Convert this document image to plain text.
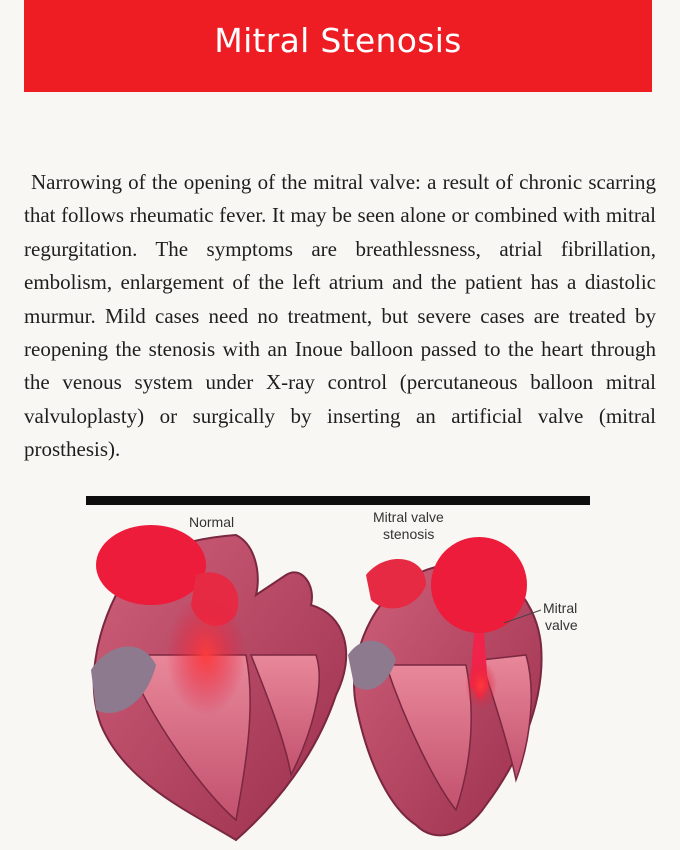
Mitral Stenosis

Narrowing of the opening of the mitral valve: a result of chronic scarring that follows rheumatic fever. It may be seen alone or combined with mitral regurgitation. The symptoms are breathlessness, atrial fibrillation, embolism, enlargement of the left atrium and the patient has a diastolic murmur. Mild cases need no treatment, but severe cases are treated by reopening the stenosis with an Inoue balloon passed to the heart through the venous system under X-ray control (percutaneous balloon mitral valvuloplasty) or surgically by inserting an artificial valve (mitral prosthesis).

Normal	Mitral valve
stenosis
Mitral
valve
